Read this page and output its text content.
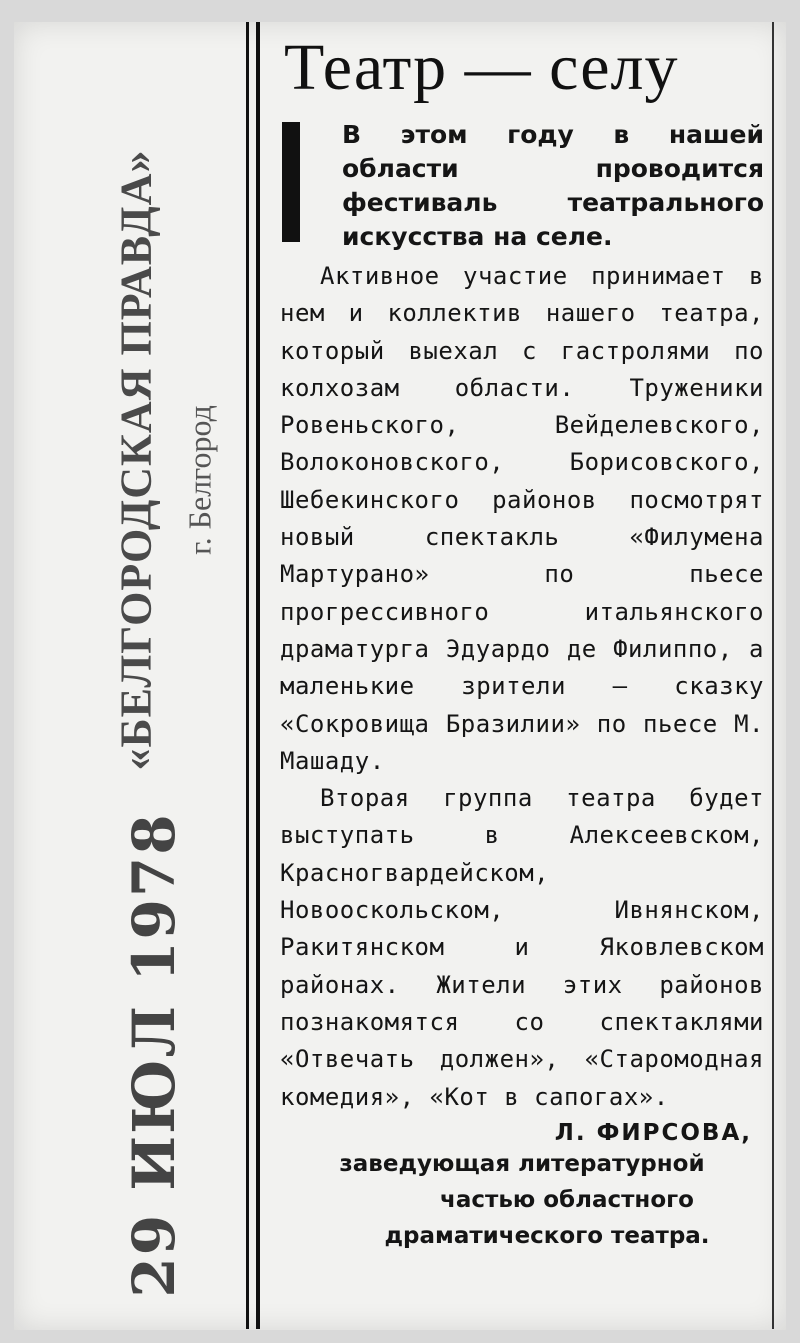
«БЕЛГОРОДСКАЯ ПРАВДА» г. Белгород
29 ИЮЛ 1978
Театр — селу

В этом году в нашей области проводится фестиваль театрального искусства на селе.

Активное участие принимает в нем и коллектив нашего театра, который выехал с гастролями по колхозам области. Труженики Ровеньского, Вейделевского, Волоконовского, Борисовского, Шебекинского районов посмотрят новый спектакль «Филумена Мартурано» по пьесе прогрессивного итальянского драматурга Эдуардо де Филиппо, а маленькие зрители — сказку «Сокровища Бразилии» по пьесе М. Машаду.

Вторая группа театра будет выступать в Алексеевском, Красногвардейском, Новооскольском, Ивнянском, Ракитянском и Яковлевском районах. Жители этих районов познакомятся со спектаклями «Отвечать должен», «Старомодная комедия», «Кот в сапогах».

Л. ФИРСОВА,
заведующая литературной
частью областного
драматического театра.
